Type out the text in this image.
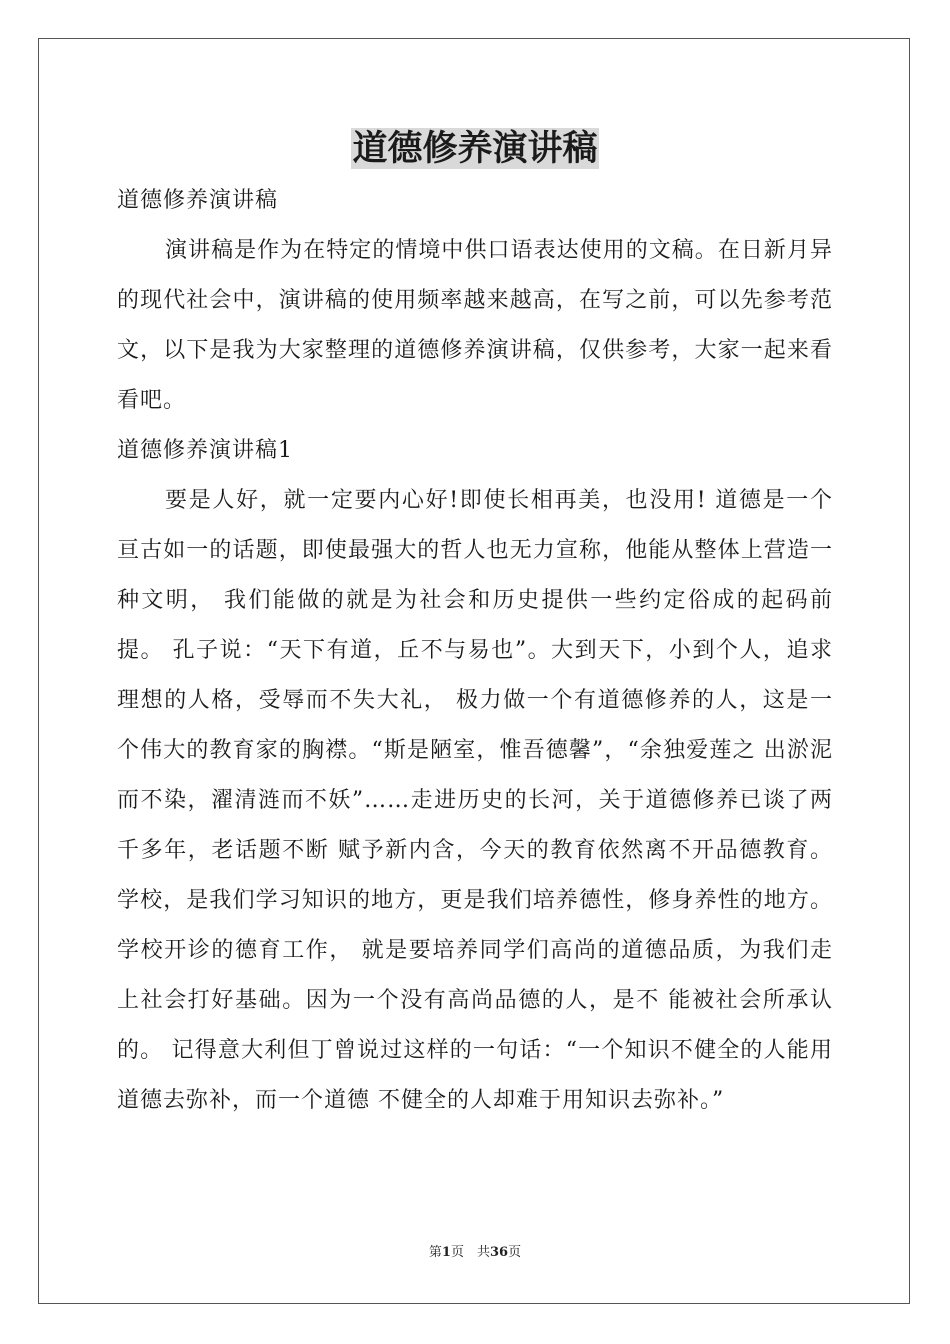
道德修养演讲稿

道德修养演讲稿

演讲稿是作为在特定的情境中供口语表达使用的文稿。在日新月异的现代社会中，演讲稿的使用频率越来越高，在写之前，可以先参考范文，以下是我为大家整理的道德修养演讲稿，仅供参考，大家一起来看看吧。

道德修养演讲稿1

要是人好，就一定要内心好!即使长相再美，也没用! 道德是一个亘古如一的话题，即使最强大的哲人也无力宣称，他能从整体上营造一种文明， 我们能做的就是为社会和历史提供一些约定俗成的起码前提。 孔子说：“天下有道，丘不与易也”。大到天下，小到个人，追求理想的人格，受辱而不失大礼， 极力做一个有道德修养的人，这是一个伟大的教育家的胸襟。“斯是陋室，惟吾德馨”，“余独爱莲之 出淤泥而不染，濯清涟而不妖”……走进历史的长河，关于道德修养已谈了两千多年，老话题不断 赋予新内含，今天的教育依然离不开品德教育。 学校，是我们学习知识的地方，更是我们培养德性，修身养性的地方。学校开诊的德育工作， 就是要培养同学们高尚的道德品质，为我们走上社会打好基础。因为一个没有高尚品德的人，是不 能被社会所承认的。 记得意大利但丁曾说过这样的一句话：“一个知识不健全的人能用道德去弥补，而一个道德 不健全的人却难于用知识去弥补。”

第1页　共36页
